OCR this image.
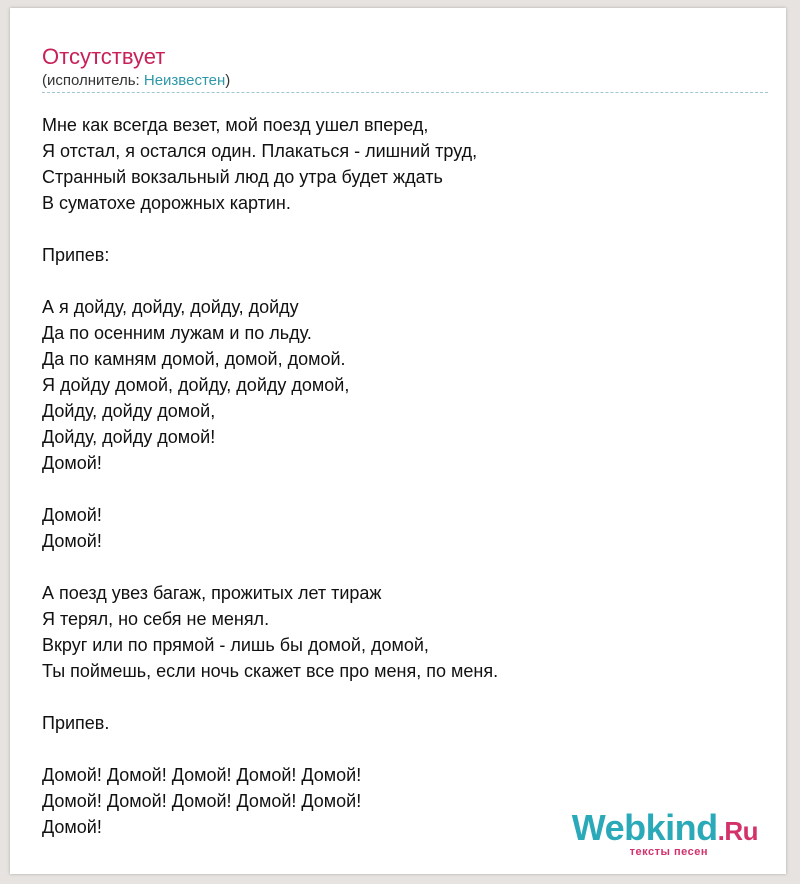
Отсутствует
(исполнитель: Неизвестен)
Мне как всегда везет, мой поезд ушел вперед,
Я отстал, я остался один. Плакаться - лишний труд,
Странный вокзальный люд до утра будет ждать
В суматохе дорожных картин.
Припев:
А я дойду, дойду, дойду, дойду
Да по осенним лужам и по льду.
Да по камням домой, домой, домой.
Я дойду домой, дойду, дойду домой,
Дойду, дойду домой,
Дойду, дойду домой!
Домой!
Домой!
Домой!
А поезд увез багаж, прожитых лет тираж
Я терял, но себя не менял.
Вкруг или по прямой - лишь бы домой, домой,
Ты поймешь, если ночь скажет все про меня, по меня.
Припев.
Домой! Домой! Домой! Домой! Домой!
Домой! Домой! Домой! Домой! Домой!
Домой!	Webkind.Ru
тексты песен
